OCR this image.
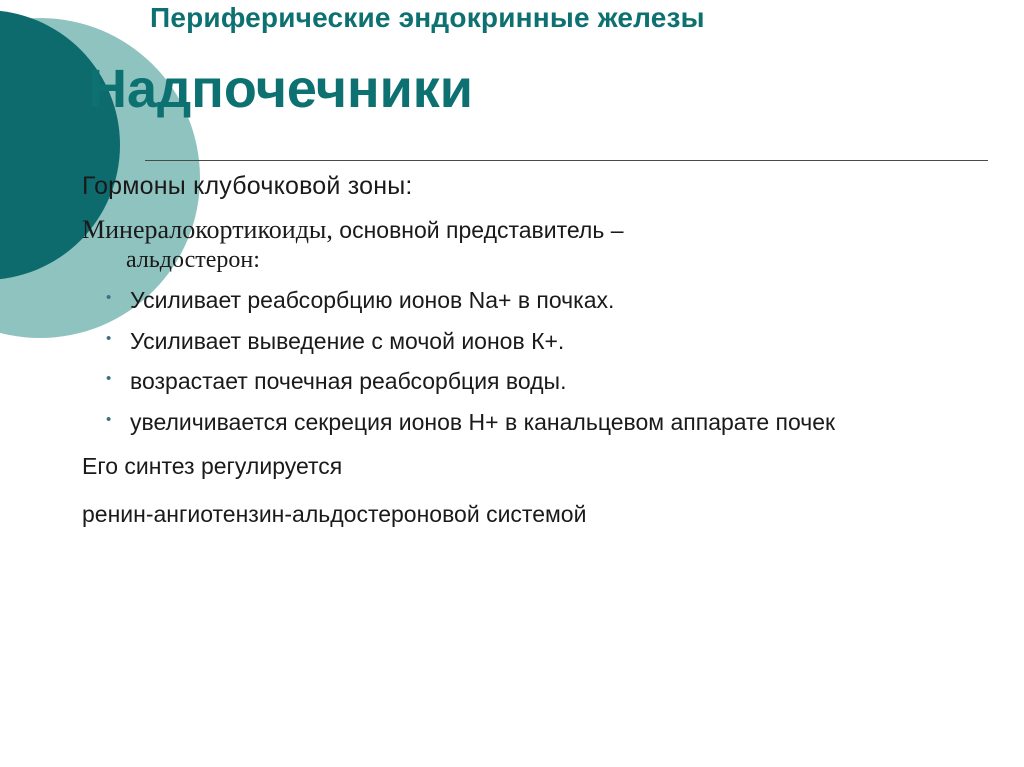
Периферические эндокринные железы
Надпочечники

Гормоны клубочковой зоны:

Минералокортикоиды, основной представитель –

альдостерон:

• Усиливает реабсорбцию ионов Na+ в почках.
• Усиливает выведение с мочой ионов К+.
• возрастает почечная реабсорбция воды.
• увеличивается секреция ионов Н+ в канальцевом аппарате почек

Его синтез регулируется
ренин-ангиотензин-альдостероновой системой
